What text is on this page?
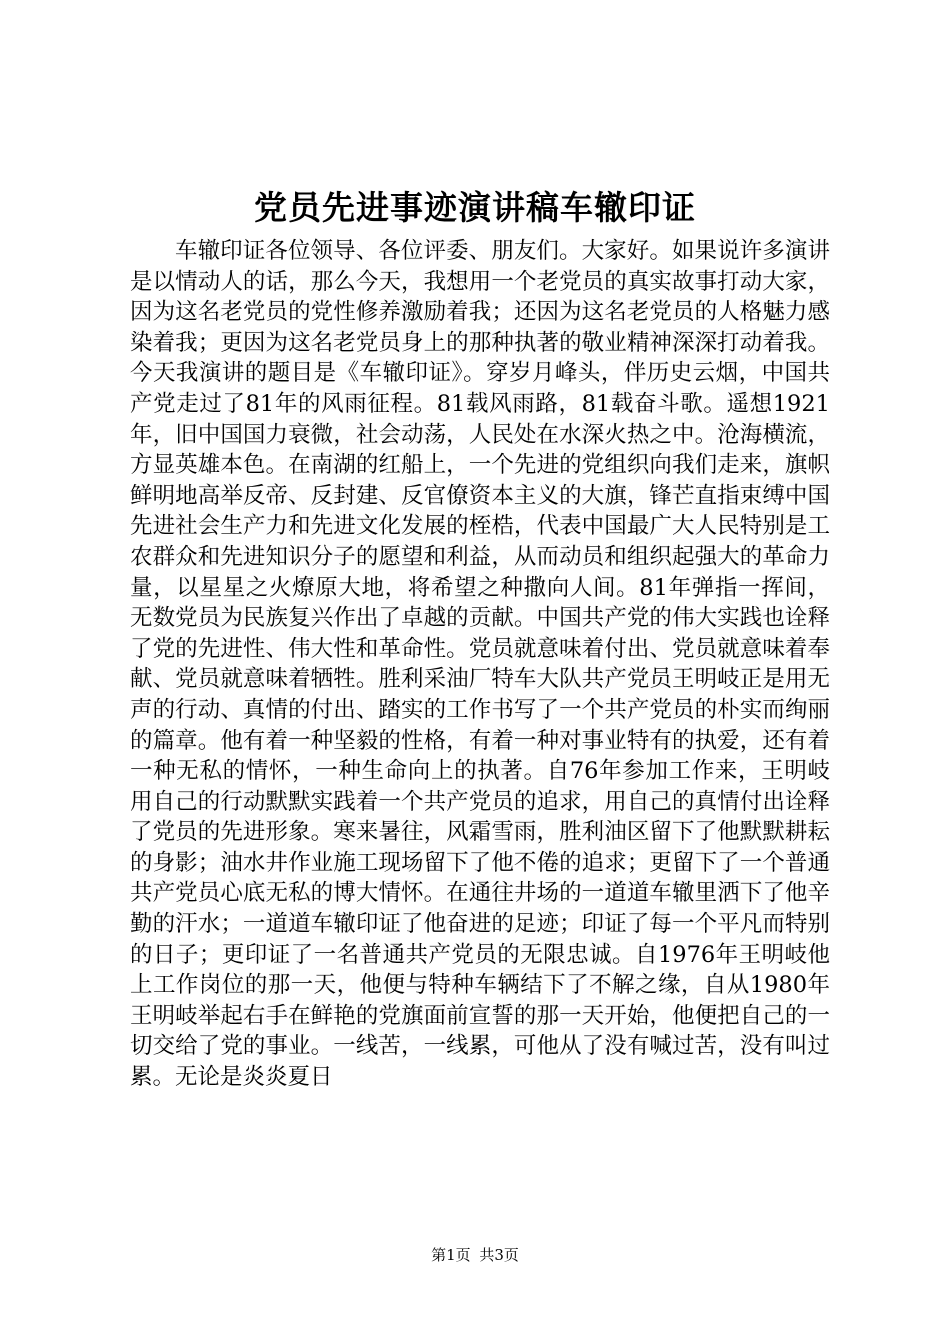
党员先进事迹演讲稿车辙印证

车辙印证各位领导、各位评委、朋友们。大家好。如果说许多演讲是以情动人的话，那么今天，我想用一个老党员的真实故事打动大家，因为这名老党员的党性修养激励着我；还因为这名老党员的人格魅力感染着我；更因为这名老党员身上的那种执著的敬业精神深深打动着我。今天我演讲的题目是《车辙印证》。穿岁月峰头，伴历史云烟，中国共产党走过了81年的风雨征程。81载风雨路，81载奋斗歌。遥想1921年，旧中国国力衰微，社会动荡，人民处在水深火热之中。沧海横流，方显英雄本色。在南湖的红船上，一个先进的党组织向我们走来，旗帜鲜明地高举反帝、反封建、反官僚资本主义的大旗，锋芒直指束缚中国先进社会生产力和先进文化发展的桎梏，代表中国最广大人民特别是工农群众和先进知识分子的愿望和利益，从而动员和组织起强大的革命力量，以星星之火燎原大地，将希望之种撒向人间。81年弹指一挥间，无数党员为民族复兴作出了卓越的贡献。中国共产党的伟大实践也诠释了党的先进性、伟大性和革命性。党员就意味着付出、党员就意味着奉献、党员就意味着牺牲。胜利采油厂特车大队共产党员王明岐正是用无声的行动、真情的付出、踏实的工作书写了一个共产党员的朴实而绚丽的篇章。他有着一种坚毅的性格，有着一种对事业特有的执爱，还有着一种无私的情怀，一种生命向上的执著。自76年参加工作来，王明岐用自己的行动默默实践着一个共产党员的追求，用自己的真情付出诠释了党员的先进形象。寒来暑往，风霜雪雨，胜利油区留下了他默默耕耘的身影；油水井作业施工现场留下了他不倦的追求；更留下了一个普通共产党员心底无私的博大情怀。在通往井场的一道道车辙里洒下了他辛勤的汗水；一道道车辙印证了他奋进的足迹；印证了每一个平凡而特别的日子；更印证了一名普通共产党员的无限忠诚。自1976年王明岐他上工作岗位的那一天，他便与特种车辆结下了不解之缘，自从1980年王明岐举起右手在鲜艳的党旗面前宣誓的那一天开始，他便把自己的一切交给了党的事业。一线苦，一线累，可他从了没有喊过苦，没有叫过累。无论是炎炎夏日

第1页 共3页
